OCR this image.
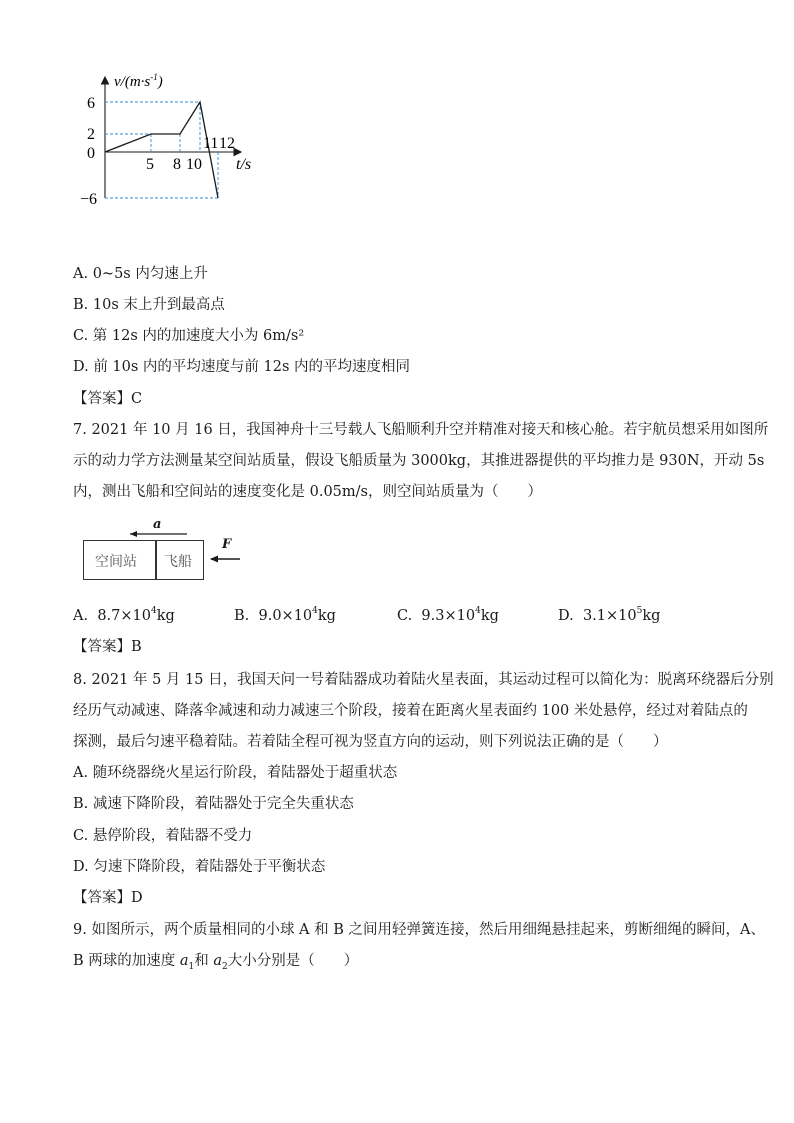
$v/(m\cdot s^{-1})$
6
2
0
−6
5 8 10
11 12
t/s
A. 0~5s 内匀速上升
B. 10s 末上升到最高点
C. 第 12s 内的加速度大小为 6m/s²
D. 前 10s 内的平均速度与前 12s 内的平均速度相同
【答案】C
7. 2021 年 10 月 16 日，我国神舟十三号载人飞船顺利升空并精准对接天和核心舱。若宇航员想采用如图所
示的动力学方法测量某空间站质量，假设飞船质量为 3000kg，其推进器提供的平均推力是 930N，开动 5s
内，测出飞船和空间站的速度变化是 0.05m/s，则空间站质量为（　　）
空间站 飞船
a
F
A. $8.7\times 10^4kg$	B. $9.0\times 10^4kg$	C. $9.3\times 10^4kg$	D. $3.1\times 10^5kg$
【答案】B
8. 2021 年 5 月 15 日，我国天问一号着陆器成功着陆火星表面，其运动过程可以简化为：脱离环绕器后分别
经历气动减速、降落伞减速和动力减速三个阶段，接着在距离火星表面约 100 米处悬停，经过对着陆点的
探测，最后匀速平稳着陆。若着陆全程可视为竖直方向的运动，则下列说法正确的是（　　）
A. 随环绕器绕火星运行阶段，着陆器处于超重状态
B. 减速下降阶段，着陆器处于完全失重状态
C. 悬停阶段，着陆器不受力
D. 匀速下降阶段，着陆器处于平衡状态
【答案】D
9. 如图所示，两个质量相同的小球 A 和 B 之间用轻弹簧连接，然后用细绳悬挂起来，剪断细绳的瞬间，A、
B 两球的加速度 $a_1$和 $a_2$大小分别是（　　）
